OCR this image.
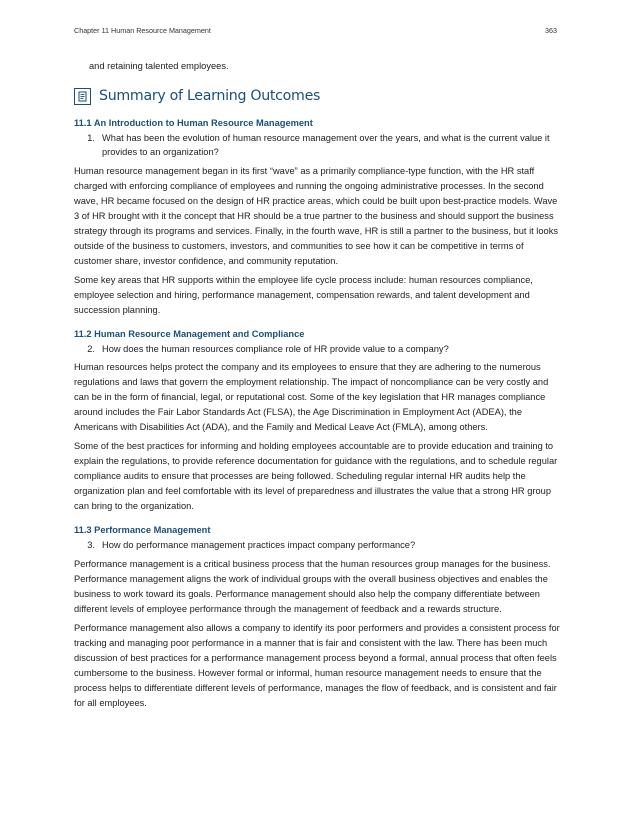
Chapter 11 Human Resource Management	363

and retaining talented employees.

Summary of Learning Outcomes
11.1 An Introduction to Human Resource Management
1. What has been the evolution of human resource management over the years, and what is the current value it provides to an organization?

Human resource management began in its first “wave” as a primarily compliance-type function, with the HR staff charged with enforcing compliance of employees and running the ongoing administrative processes. In the second wave, HR became focused on the design of HR practice areas, which could be built upon best-practice models. Wave 3 of HR brought with it the concept that HR should be a true partner to the business and should support the business strategy through its programs and services. Finally, in the fourth wave, HR is still a partner to the business, but it looks outside of the business to customers, investors, and communities to see how it can be competitive in terms of customer share, investor confidence, and community reputation.

Some key areas that HR supports within the employee life cycle process include: human resources compliance, employee selection and hiring, performance management, compensation rewards, and talent development and succession planning.

11.2 Human Resource Management and Compliance
2. How does the human resources compliance role of HR provide value to a company?

Human resources helps protect the company and its employees to ensure that they are adhering to the numerous regulations and laws that govern the employment relationship. The impact of noncompliance can be very costly and can be in the form of financial, legal, or reputational cost. Some of the key legislation that HR manages compliance around includes the Fair Labor Standards Act (FLSA), the Age Discrimination in Employment Act (ADEA), the Americans with Disabilities Act (ADA), and the Family and Medical Leave Act (FMLA), among others.

Some of the best practices for informing and holding employees accountable are to provide education and training to explain the regulations, to provide reference documentation for guidance with the regulations, and to schedule regular compliance audits to ensure that processes are being followed. Scheduling regular internal HR audits help the organization plan and feel comfortable with its level of preparedness and illustrates the value that a strong HR group can bring to the organization.

11.3 Performance Management
3. How do performance management practices impact company performance?

Performance management is a critical business process that the human resources group manages for the business. Performance management aligns the work of individual groups with the overall business objectives and enables the business to work toward its goals. Performance management should also help the company differentiate between different levels of employee performance through the management of feedback and a rewards structure.

Performance management also allows a company to identify its poor performers and provides a consistent process for tracking and managing poor performance in a manner that is fair and consistent with the law. There has been much discussion of best practices for a performance management process beyond a formal, annual process that often feels cumbersome to the business. However formal or informal, human resource management needs to ensure that the process helps to differentiate different levels of performance, manages the flow of feedback, and is consistent and fair for all employees.
